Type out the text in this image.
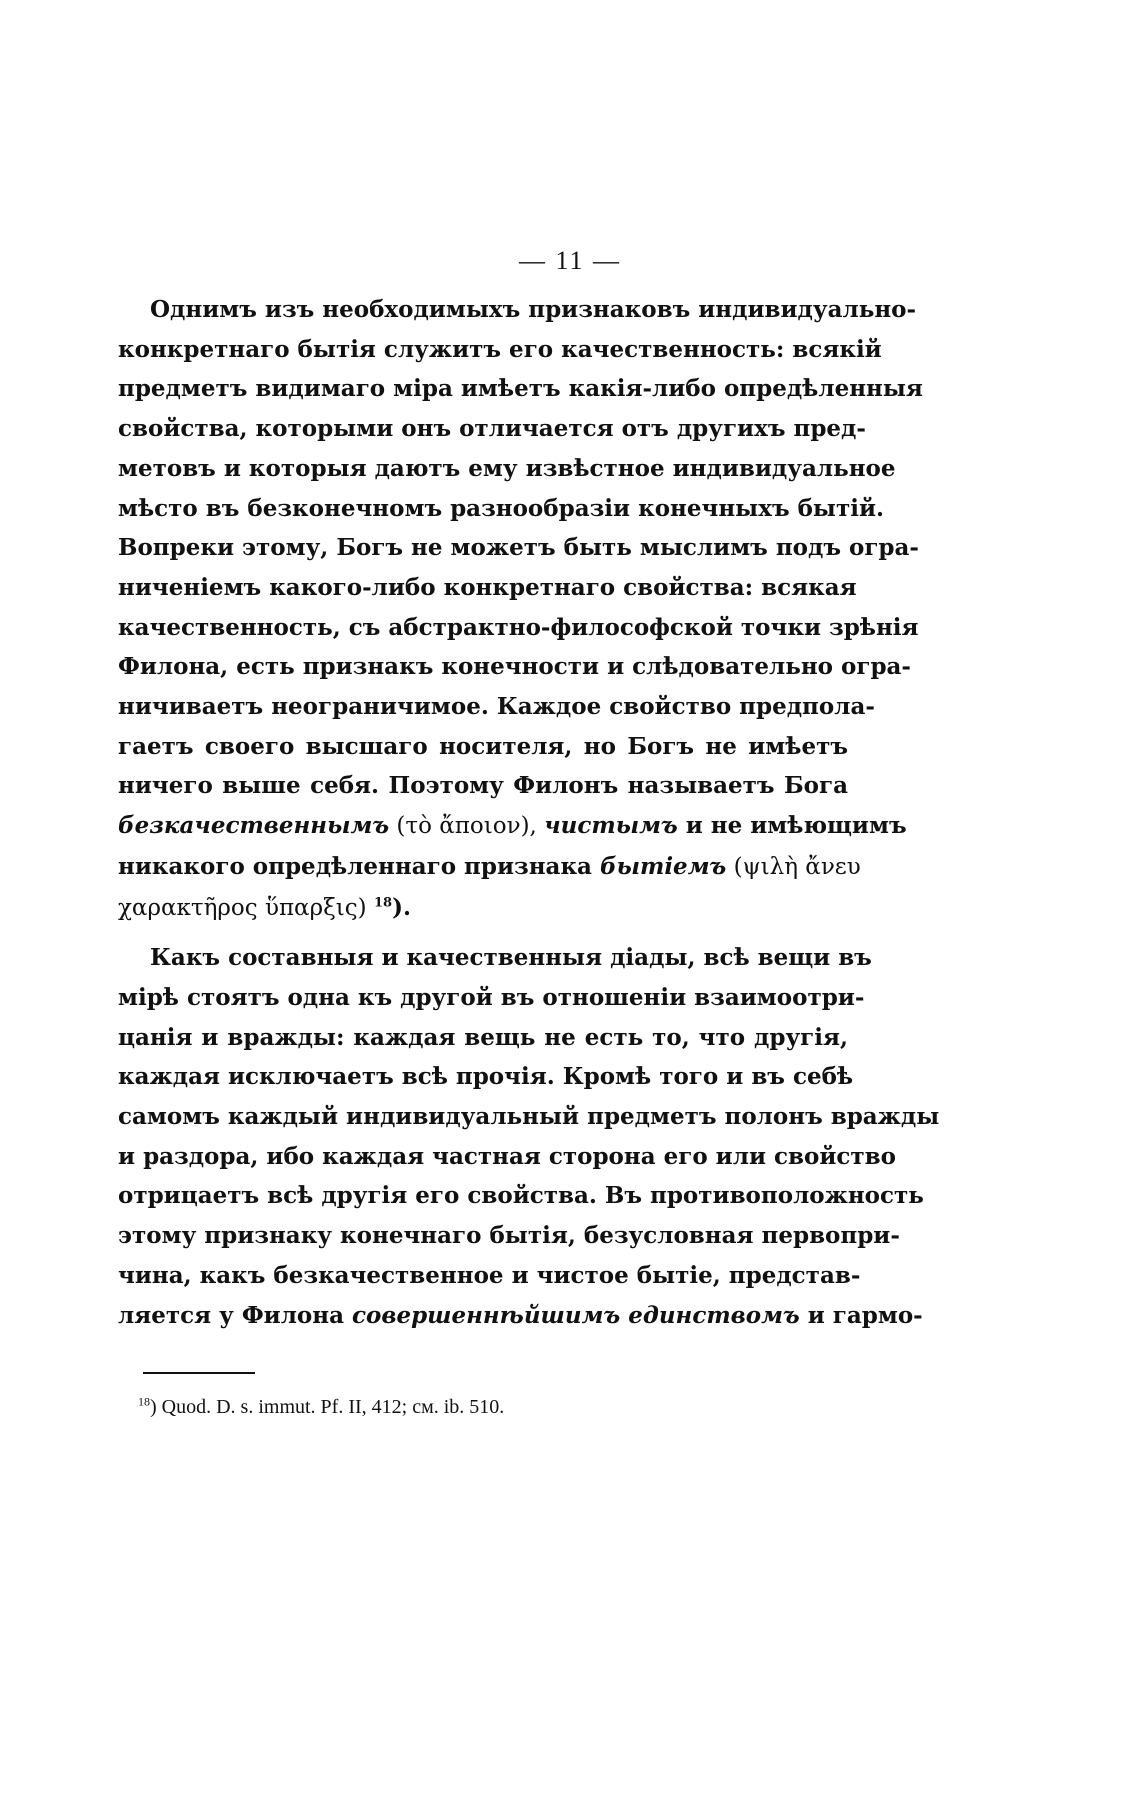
— 11 —
Однимъ изъ необходимыхъ признаковъ индивидуально-
конкретнаго бытія служитъ его качественность: всякій
предметъ видимаго міра имѣетъ какія-либо опредѣленныя
свойства, которыми онъ отличается отъ другихъ пред-
метовъ и которыя даютъ ему извѣстное индивидуальное
мѣсто въ безконечномъ разнообразіи конечныхъ бытій.
Вопреки этому, Богъ не можетъ быть мыслимъ подъ огра-
ниченіемъ какого-либо конкретнаго свойства: всякая
качественность, съ абстрактно-философской точки зрѣнія
Филона, есть признакъ конечности и слѣдовательно огра-
ничиваетъ неограничимое. Каждое свойство предпола-
гаетъ своего высшаго носителя, но Богъ не имѣетъ
ничего выше себя. Поэтому Филонъ называетъ Бога
безкачественнымъ (τὸ ἄποιον), чистымъ и не имѣющимъ
никакого опредѣленнаго признака бытіемъ (ψιλὴ ἄνευ
χαρακτῆρος ὕπαρξις) $^{18}$).
Какъ составныя и качественныя діады, всѣ вещи въ
мірѣ стоятъ одна къ другой въ отношеніи взаимоотри-
цанія и вражды: каждая вещь не есть то, что другія,
каждая исключаетъ всѣ прочія. Кромѣ того и въ себѣ
самомъ каждый индивидуальный предметъ полонъ вражды
и раздора, ибо каждая частная сторона его или свойство
отрицаетъ всѣ другія его свойства. Въ противоположность
этому признаку конечнаго бытія, безусловная первопри-
чина, какъ безкачественное и чистое бытіе, представ-
ляется у Филона совершеннѣйшимъ единствомъ и гармо-
$^{18}$) Quod. D. s. immut. Pf. II, 412; см. ib. 510.
